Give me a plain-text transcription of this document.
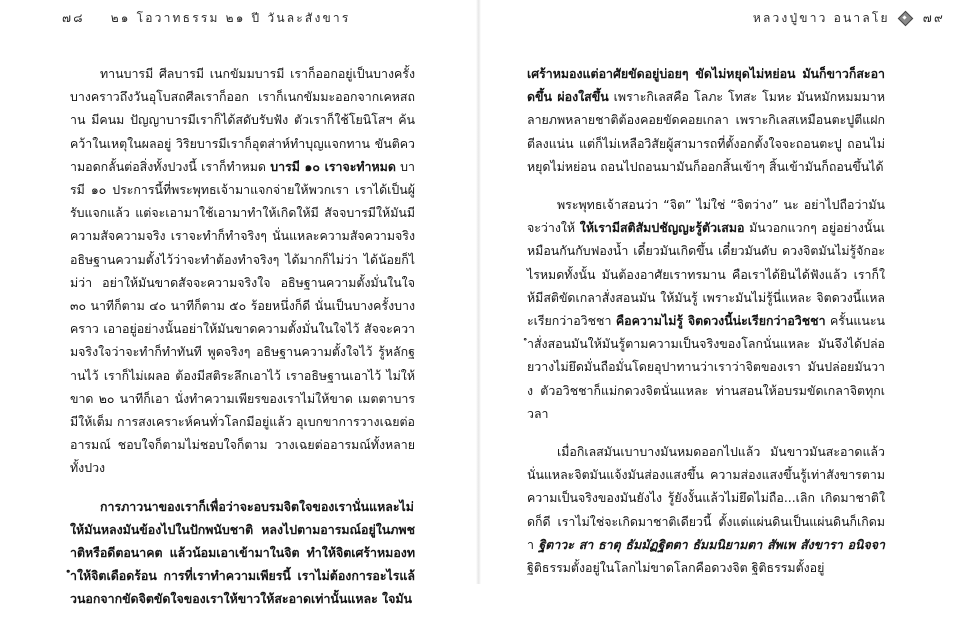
๗๘ ๒๑ โอวาทธรรม ๒๑ ปี วันละสังขาร

ทานบารมี ศีลบารมี เนกขัมมบารมี เราก็ออกอยู่เป็นบางครั้งบางคราวถึงวันอุโบสถศีลเราก็ออก เราก็เนกขัมมะออกจากเคหสถาน มีคนม ปัญญาบารมีเราก็ได้สดับรับฟัง ตัวเราก็ใช้โยนิโสฯ ค้นคว้าในเหตุในผลอยู่ วิริยบารมีเราก็อุตส่าห์ทำบุญแจกทาน ขันติความอดกลั้นต่อสิ่งทั้งปวงนี้ เราก็ทำหมด บารมี ๑๐ เราจะทำหมด บารมี ๑๐ ประการนี้ที่พระพุทธเจ้ามาแจกจ่ายให้พวกเรา เราได้เป็นผู้รับแจกแล้ว แต่จะเอามาใช้เอามาทำให้เกิดให้มี สัจจบารมีให้มันมีความสัจความจริง เราจะทำก็ทำจริงๆ นั่นแหละความสัจความจริง อธิษฐานความตั้งไว้ว่าจะทำต้องทำจริงๆ ได้มากก็ไม่ว่า ได้น้อยก็ไม่ว่า อย่าให้มันขาดสัจจะความจริงใจ อธิษฐานความตั้งมั่นในใจ ๓๐ นาทีก็ตาม ๔๐ นาทีก็ตาม ๕๐ ร้อยหนึ่งก็ดี นั่นเป็นบางครั้งบางคราว เอาอยู่อย่างนั้นอย่าให้มันขาดความตั้งมั่นในใจไว้ สัจจะความจริงใจว่าจะทำก็ทำทันที พูดจริงๆ อธิษฐานความตั้งใจไว้ รู้หลักฐานไว้ เราก็ไม่เผลอ ต้องมีสติระลึกเอาไว้ เราอธิษฐานเอาไว้ ไม่ให้ขาด ๒๐ นาทีก็เอา นั่งทำความเพียรของเราไม่ให้ขาด เมตตาบารมีให้เต็ม การสงเคราะห์คนทั่วโลกมีอยู่แล้ว อุเบกขาการวางเฉยต่ออารมณ์ ชอบใจก็ตามไม่ชอบใจก็ตาม วางเฉยต่ออารมณ์ทั้งหลายทั้งปวง

การภาวนาของเราก็เพื่อว่าจะอบรมจิตใจของเรานั่นแหละไม่ให้มันหลงมันข้องไปในปักพนับชาติ หลงไปตามอารมณ์อยู่ในภพชาติหรือดีตอนาคต แล้วน้อมเอาเข้ามาในจิต ทำให้จิตเศร้าหมองทำให้จิตเดือดร้อน การที่เราทำความเพียรนี้ เราไม่ต้องการอะไรแล้วนอกจากขัดจิตขัดใจของเราให้ขาวให้สะอาดเท่านั้นแหละ ใจมัน

หลวงปู่ขาว อนาลโย	๗๙

เศร้าหมองแต่อาศัยขัดอยู่บ่อยๆ ขัดไม่หยุดไม่หย่อน มันก็ขาวก็สะอาดขึ้น ผ่องใสขึ้น เพราะกิเลสคือ โลภะ โทสะ โมหะ มันหมักหมมมาหลายภพหลายชาติต้องคอยขัดคอยเกลา เพราะกิเลสเหมือนตะปูตีแฝก ตีลงแน่น แต่ก็ไม่เหลือวิสัยผู้สามารถที่ตั้งอกตั้งใจจะถอนตะปู ถอนไม่หยุดไม่หย่อน ถอนไปถอนมามันก็ออกสิ้นเข้าๆ สิ้นเข้ามันก็ถอนขึ้นได้

พระพุทธเจ้าสอนว่า “จิต” ไม่ใช่ “จิตว่าง” นะ อย่าไปถือว่ามันจะว่างให้ ให้เรามีสติสัมปชัญญะรู้ตัวเสมอ มันวอกแวกๆ อยู่อย่างนั้นเหมือนกันกับฟองน้ำ เดี๋ยวมันเกิดขึ้น เดี๋ยวมันดับ ดวงจิตมันไม่รู้จักอะไรหมดทั้งนั้น มันต้องอาศัยเราทรมาน คือเราได้ยินได้ฟังแล้ว เราก็ให้มีสติขัดเกลาสั่งสอนมัน ให้มันรู้ เพราะมันไม่รู้นี่แหละ จิตดวงนี้แหละเรียกว่าอวิชชา คือความไม่รู้ จิตดวงนี้น่ะเรียกว่าอวิชชา ครั้นแนะนำสั่งสอนมันให้มันรู้ตามความเป็นจริงของโลกนั่นแหละ มันจึงได้ปล่อยวางไม่ยึดมั่นถือมั่นโดยอุปาทานว่าเราว่าจิตของเรา มันปล่อยมันวาง ตัวอวิชชาก็แม่กดวงจิตนั่นแหละ ท่านสอนให้อบรมขัดเกลาจิตทุกเวลา

เมื่อกิเลสมันเบาบางมันหมดออกไปแล้ว มันขาวมันสะอาดแล้วนั่นแหละจิตมันแจ้งมันส่องแสงขึ้น ความส่องแสงขึ้นรู้เท่าสังขารตามความเป็นจริงของมันยังไง รู้ยังงั้นแล้วไม่ยึดไม่ถือ...เลิก เกิดมาชาติใดก็ดี เราไม่ใช่จะเกิดมาชาติเดียวนี้ ตั้งแต่แผ่นดินเป็นแผ่นดินก็เกิดมา ฐิตาวะ สา ธาตุ ธัมมัฏฐิตตา ธัมมนิยามตา สัพเพ สังขารา อนิจจา ฐิติธรรมตั้งอยู่ในโลกไม่ขาดโลกคือดวงจิต ฐิติธรรมตั้งอยู่
